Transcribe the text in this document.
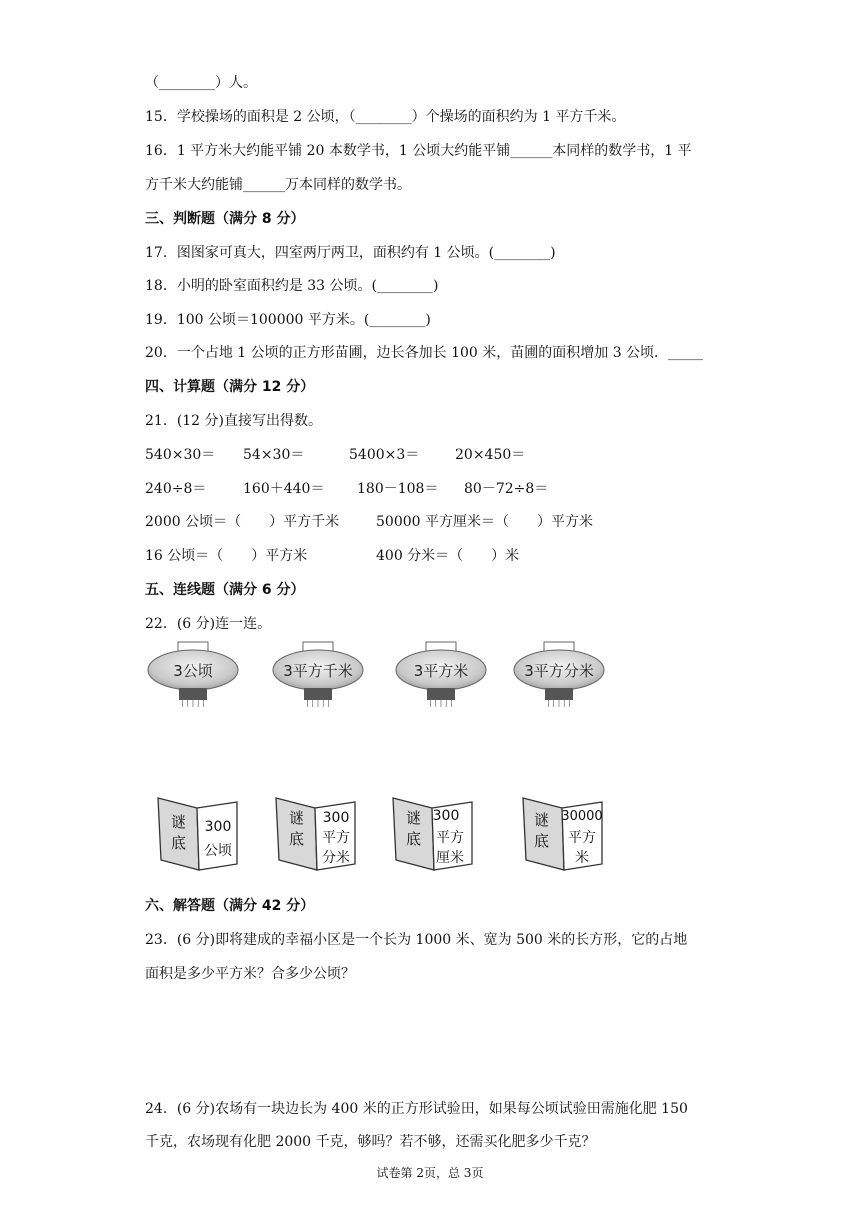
（________）人。
15．学校操场的面积是 2 公顷，（________）个操场的面积约为 1 平方千米。
16．1 平方米大约能平铺 20 本数学书，1 公顷大约能平铺______本同样的数学书，1 平
方千米大约能铺______万本同样的数学书。
三、判断题（满分 8 分）
17．图图家可真大，四室两厅两卫，面积约有 1 公顷。(________)
18．小明的卧室面积约是 33 公顷。(________)
19．100 公顷＝100000 平方米。(________)
20．一个占地 1 公顷的正方形苗圃，边长各加长 100 米，苗圃的面积增加 3 公顷．_____
四、计算题（满分 12 分）
21．(12 分)直接写出得数。
540×30＝ 54×30＝	5400×3＝	20×450＝
240÷8＝	160＋440＝ 180－108＝ 80－72÷8＝
2000 公顷＝（　　）平方千米	50000 平方厘米＝（　　）平方米
16 公顷＝（　　）平方米	400 分米＝（　　）米
五、连线题（满分 6 分）
22．(6 分)连一连。
| | | | |
3公顷
| | | | |
3平方千米
| | | | |
3平方米
| | | | |
3平方分米
谜
底
300
公顷
谜
底
300
平方
分米
谜
底
300
平方
厘米
谜
底
30000
平方
米
六、解答题（满分 42 分）
23．(6 分)即将建成的幸福小区是一个长为 1000 米、宽为 500 米的长方形，它的占地
面积是多少平方米？合多少公顷？
24．(6 分)农场有一块边长为 400 米的正方形试验田，如果每公顷试验田需施化肥 150
千克，农场现有化肥 2000 千克，够吗？若不够，还需买化肥多少千克？
试卷第 2页，总 3页
